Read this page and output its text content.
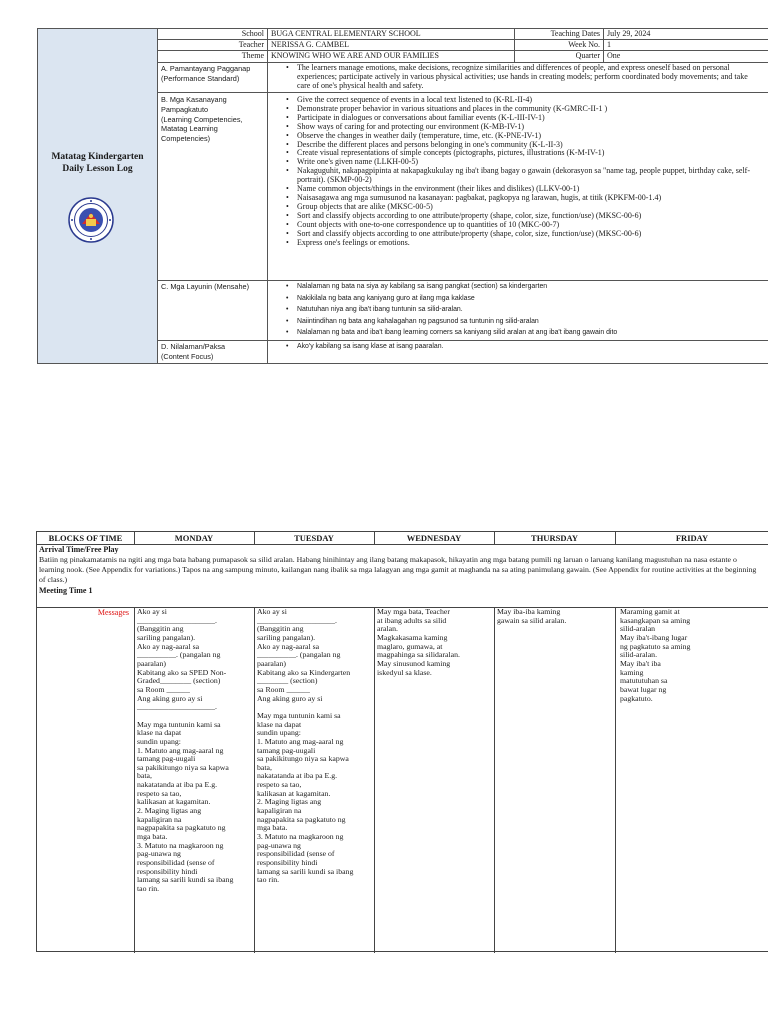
Matatag Kindergarten
Daily Lesson Log
School BUGA CENTRAL ELEMENTARY SCHOOL	Teaching Dates July 29, 2024
Teacher NERISSA G. CAMBEL	Week No. 1
Theme KNOWING WHO WE ARE AND OUR FAMILIES	Quarter One
A. Pamantayang Pagganap
(Performance Standard)
• The learners manage emotions, make decisions, recognize similarities and differences of people, and express oneself based on personal experiences; participate actively in various physical activities; use hands in creating models; perform coordinated body movements; and take care of one's physical health and safety.
B. Mga Kasanayang
Pampagkatuto
(Learning Competencies,
Matatag Learning
Competencies)
• Give the correct sequence of events in a local text listened to (K-RL-II-4)
• Demonstrate proper behavior in various situations and places in the community (K-GMRC-II-1 )
• Participate in dialogues or conversations about familiar events (K-L-III-IV-1)
• Show ways of caring for and protecting our environment (K-MB-IV-1)
• Observe the changes in weather daily (temperature, time, etc. (K-PNE-IV-1)
• Describe the different places and persons belonging in one's community (K-L-II-3)
• Create visual representations of simple concepts (pictographs, pictures, illustrations (K-M-IV-1)
• Write one's given name (LLKH-00-5)
• Nakaguguhit, nakapagpipinta at nakapagkukulay ng iba't ibang bagay o gawain (dekorasyon sa "name tag, people puppet, birthday cake, self-portrait). (SKMP-00-2)
• Name common objects/things in the environment (their likes and dislikes) (LLKV-00-1)
• Naisasagawa ang mga sumusunod na kasanayan: pagbakat, pagkopya ng larawan, hugis, at titik (KPKFM-00-1.4)
• Group objects that are alike (MKSC-00-5)
• Sort and classify objects according to one attribute/property (shape, color, size, function/use) (MKSC-00-6)
• Count objects with one-to-one correspondence up to quantities of 10 (MKC-00-7)
• Sort and classify objects according to one attribute/property (shape, color, size, function/use) (MKSC-00-6)
• Express one's feelings or emotions.
C. Mga Layunin (Mensahe)
•	Nalalaman ng bata na siya ay kabilang sa isang pangkat (section) sa kindergarten
• Nakikilala ng bata ang kaniyang guro at ilang mga kaklase
• Natutuhan niya ang iba't ibang tuntunin sa silid-aralan.
• Naiintindihan ng bata ang kahalagahan ng pagsunod sa tuntunin ng silid-aralan
• Nalalaman ng bata and iba't ibang learning corners sa kaniyang silid aralan at ang iba't ibang gawain dito
D. Nilalaman/Paksa
(Content Focus)
• Ako'y kabilang sa isang klase at isang paaralan.
BLOCKS OF TIME	MONDAY	TUESDAY	WEDNESDAY	THURSDAY	FRIDAY
Arrival Time/Free Play
Batiin ng pinakamatamis na ngiti ang mga bata habang pumapasok sa silid aralan. Habang hinihintay ang ilang batang makapasok, hikayatin ang mga batang pumili ng laruan o laruang kanilang magustuhan na nasa estante o learning nook. (See Appendix for variations.) Tapos na ang sampung minuto, kailangan nang ibalik sa mga lalagyan ang mga gamit at maghanda na sa ating panimulang gawain. (See Appendix for routine activities at the beginning of class.)
Meeting Time 1
Messages Ako ay si
____________________.
(Banggitin ang
sariling pangalan).
Ako ay nag-aaral sa
__________. (pangalan ng
paaralan)
Kabitang ako sa SPED Non-
Graded________ (section)
sa Room ______
Ang aking guro ay si
____________________.

May mga tuntunin kami sa
klase na dapat
sundin upang:
1. Matuto ang mag-aaral ng
tamang pag-uugali
sa pakikitungo niya sa kapwa
bata,
nakatatanda at iba pa E.g.
respeto sa tao,
kalikasan at kagamitan.
2. Maging ligtas ang
kapaligiran na
nagpapakita sa pagkatuto ng
mga bata.
3. Matuto na magkaroon ng
pag-unawa ng
responsibilidad (sense of
responsibility hindi
lamang sa sarili kundi sa ibang
tao rin.
Ako ay si
____________________.
(Banggitin ang
sariling pangalan).
Ako ay nag-aaral sa
__________. (pangalan ng
paaralan)
Kabitang ako sa Kindergarten
________ (section)
sa Room ______
Ang aking guro ay si

May mga tuntunin kami sa
klase na dapat
sundin upang:
1. Matuto ang mag-aaral ng
tamang pag-uugali
sa pakikitungo niya sa kapwa
bata,
nakatatanda at iba pa E.g.
respeto sa tao,
kalikasan at kagamitan.
2. Maging ligtas ang
kapaligiran na
nagpapakita sa pagkatuto ng
mga bata.
3. Matuto na magkaroon ng
pag-unawa ng
responsibilidad (sense of
responsibility hindi
lamang sa sarili kundi sa ibang
tao rin.
May mga bata, Teacher
at ibang adults sa silid
aralan.
Magkakasama kaming
maglaro, gumawa, at
magpahinga sa silidaralan.
May sinusunod kaming
iskedyul sa klase.
May iba-iba kaming
gawain sa silid aralan.
Maraming gamit at
kasangkapan sa aming
silid-aralan
May iba't-ibang lugar
ng pagkatuto sa aming
silid-aralan.
May iba't iba
kaming
matututuhan sa
bawat lugar ng
pagkatuto.
